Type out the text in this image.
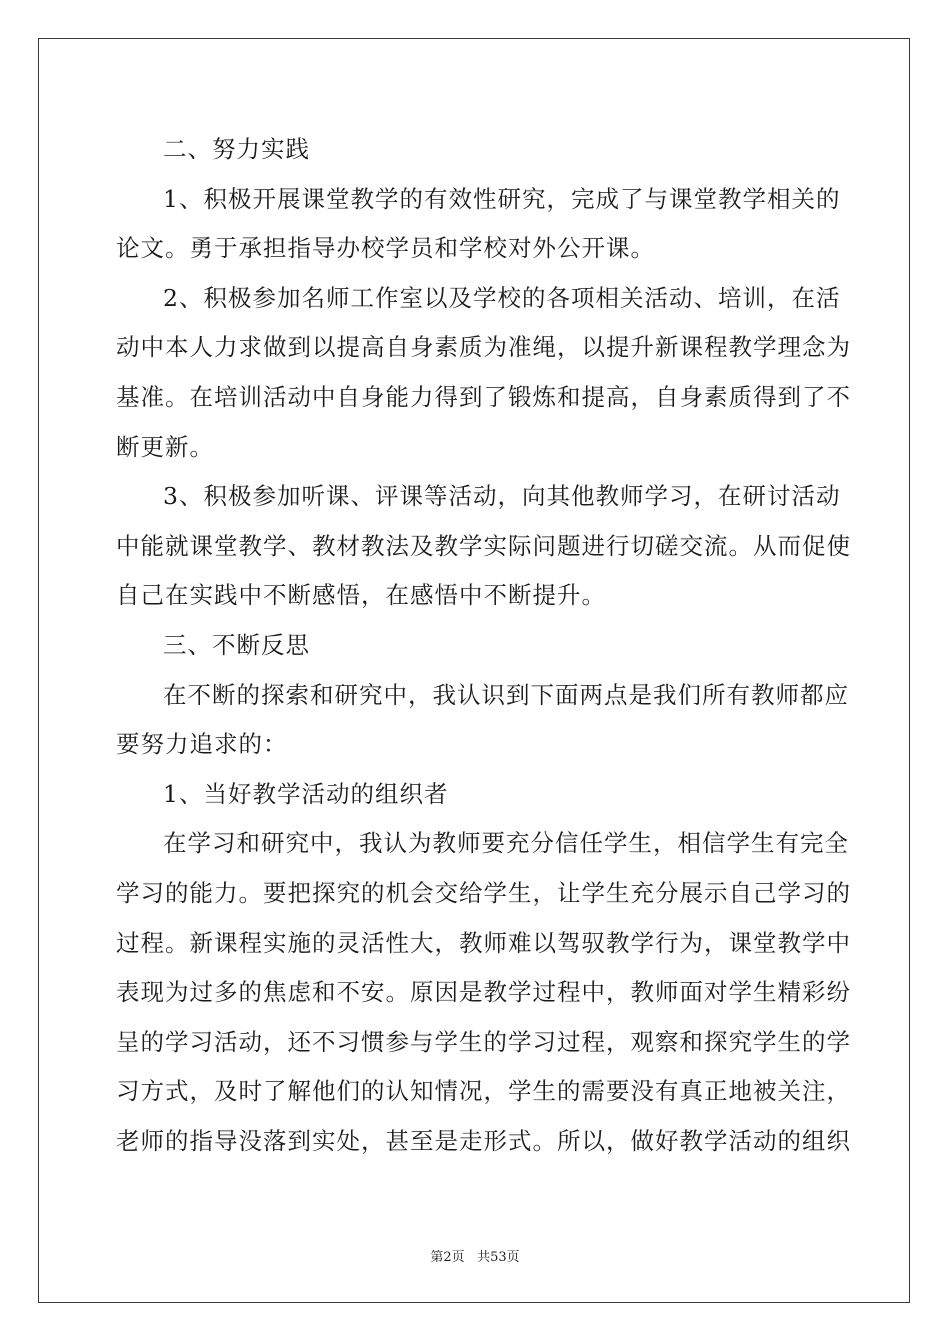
二、努力实践
1、积极开展课堂教学的有效性研究，完成了与课堂教学相关的
论文。勇于承担指导办校学员和学校对外公开课。
2、积极参加名师工作室以及学校的各项相关活动、培训，在活
动中本人力求做到以提高自身素质为准绳，以提升新课程教学理念为
基准。在培训活动中自身能力得到了锻炼和提高，自身素质得到了不
断更新。
3、积极参加听课、评课等活动，向其他教师学习，在研讨活动
中能就课堂教学、教材教法及教学实际问题进行切磋交流。从而促使
自己在实践中不断感悟，在感悟中不断提升。
三、不断反思
在不断的探索和研究中，我认识到下面两点是我们所有教师都应
要努力追求的：
1、当好教学活动的组织者
在学习和研究中，我认为教师要充分信任学生，相信学生有完全
学习的能力。要把探究的机会交给学生，让学生充分展示自己学习的
过程。新课程实施的灵活性大，教师难以驾驭教学行为，课堂教学中
表现为过多的焦虑和不安。原因是教学过程中，教师面对学生精彩纷
呈的学习活动，还不习惯参与学生的学习过程，观察和探究学生的学
习方式，及时了解他们的认知情况，学生的需要没有真正地被关注，
老师的指导没落到实处，甚至是走形式。所以，做好教学活动的组织
第2页 共53页
